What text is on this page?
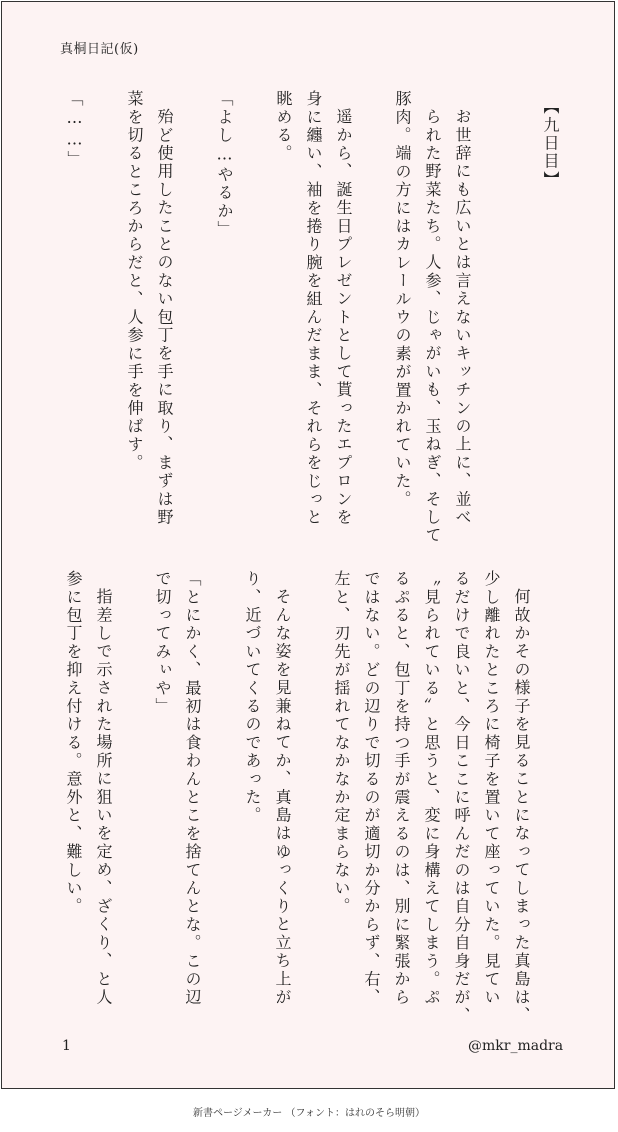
真桐日記(仮)
【九日目】
お世辞にも広いとは言えないキッチンの上に、並べ
られた野菜たち。人参、じゃがいも、玉ねぎ、そして
豚肉。端の方にはカレールウの素が置かれていた。
遥から、誕生日プレゼントとして貰ったエプロンを
身に纏い、袖を捲り腕を組んだまま、それらをじっと
眺める。
「よし…やるか」
殆ど使用したことのない包丁を手に取り、まずは野
菜を切るところからだと、人参に手を伸ばす。
「……」
何故かその様子を見ることになってしまった真島は、
少し離れたところに椅子を置いて座っていた。見てい
るだけで良いと、今日ここに呼んだのは自分自身だが、
〝見られている〟と思うと、変に身構えてしまう。ぷ
るぷると、包丁を持つ手が震えるのは、別に緊張から
ではない。どの辺りで切るのが適切か分からず、右、
左と、刃先が揺れてなかなか定まらない。
そんな姿を見兼ねてか、真島はゆっくりと立ち上が
り、近づいてくるのであった。
「とにかく、最初は食わんとこを捨てんとな。この辺
で切ってみぃや」
指差しで示された場所に狙いを定め、ざくり、と人
参に包丁を抑え付ける。意外と、難しい。
1	@mkr_madra
新書ページメーカー （フォント：はれのそら明朝）
